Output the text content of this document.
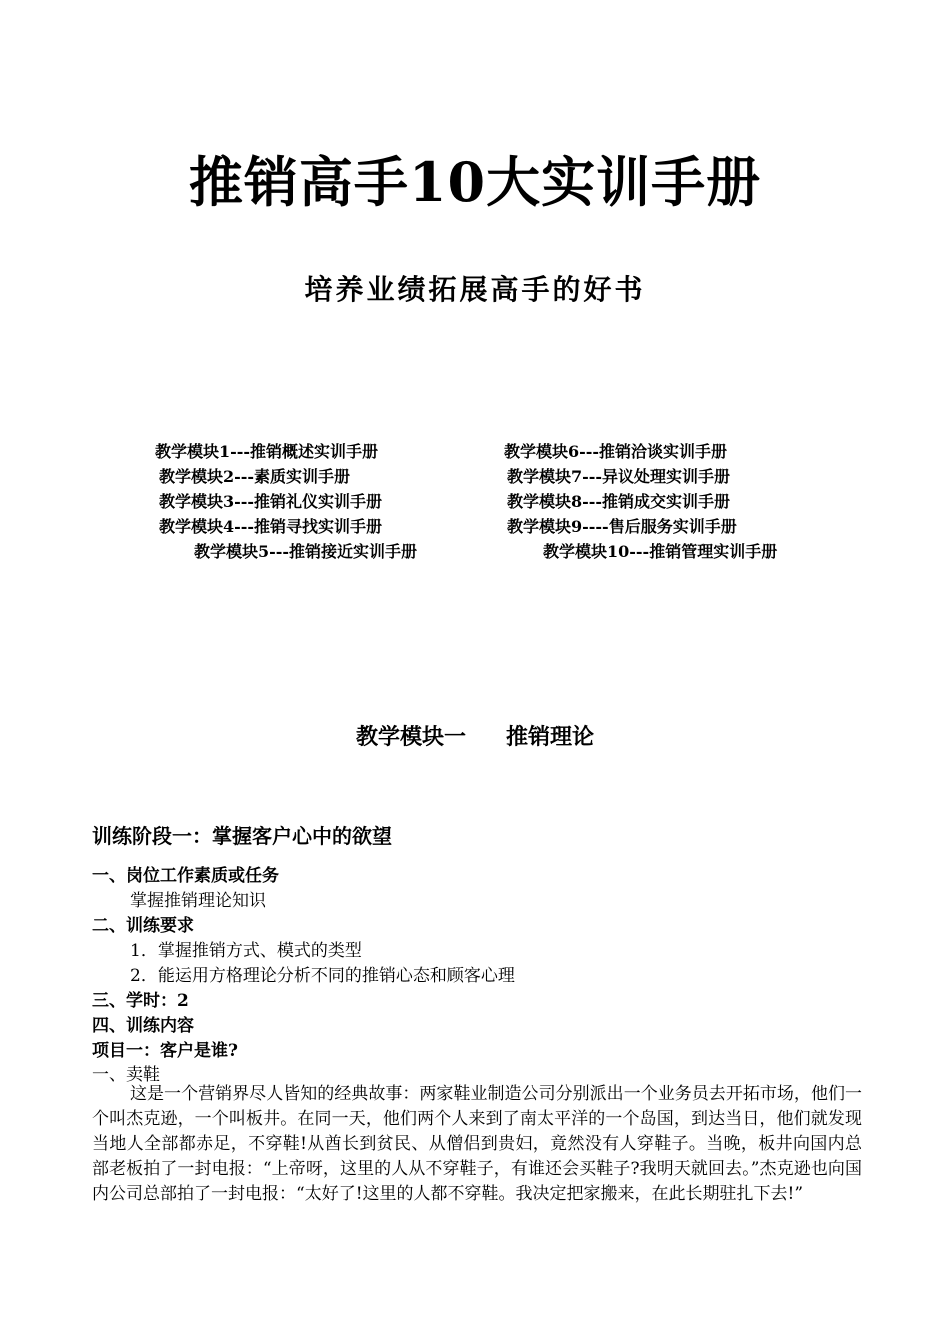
推销高手10大实训手册
培养业绩拓展高手的好书
教学模块1---推销概述实训手册
教学模块2---素质实训手册
教学模块3---推销礼仪实训手册
教学模块4---推销寻找实训手册
教学模块5---推销接近实训手册
教学模块6---推销洽谈实训手册
教学模块7---异议处理实训手册
教学模块8---推销成交实训手册
教学模块9----售后服务实训手册
教学模块10---推销管理实训手册
教学模块一 推销理论
训练阶段一：掌握客户心中的欲望
一、岗位工作素质或任务
掌握推销理论知识
二、训练要求
1．掌握推销方式、模式的类型
2．能运用方格理论分析不同的推销心态和顾客心理
三、学时：2
四、训练内容
项目一：客户是谁?
一、卖鞋

这是一个营销界尽人皆知的经典故事：两家鞋业制造公司分别派出一个业务员去开拓市场，他们一个叫杰克逊，一个叫板井。在同一天，他们两个人来到了南太平洋的一个岛国，到达当日，他们就发现当地人全部都赤足，不穿鞋!从酋长到贫民、从僧侣到贵妇，竟然没有人穿鞋子。当晚，板井向国内总部老板拍了一封电报：“上帝呀，这里的人从不穿鞋子，有谁还会买鞋子?我明天就回去。”杰克逊也向国内公司总部拍了一封电报：“太好了!这里的人都不穿鞋。我决定把家搬来，在此长期驻扎下去!”
